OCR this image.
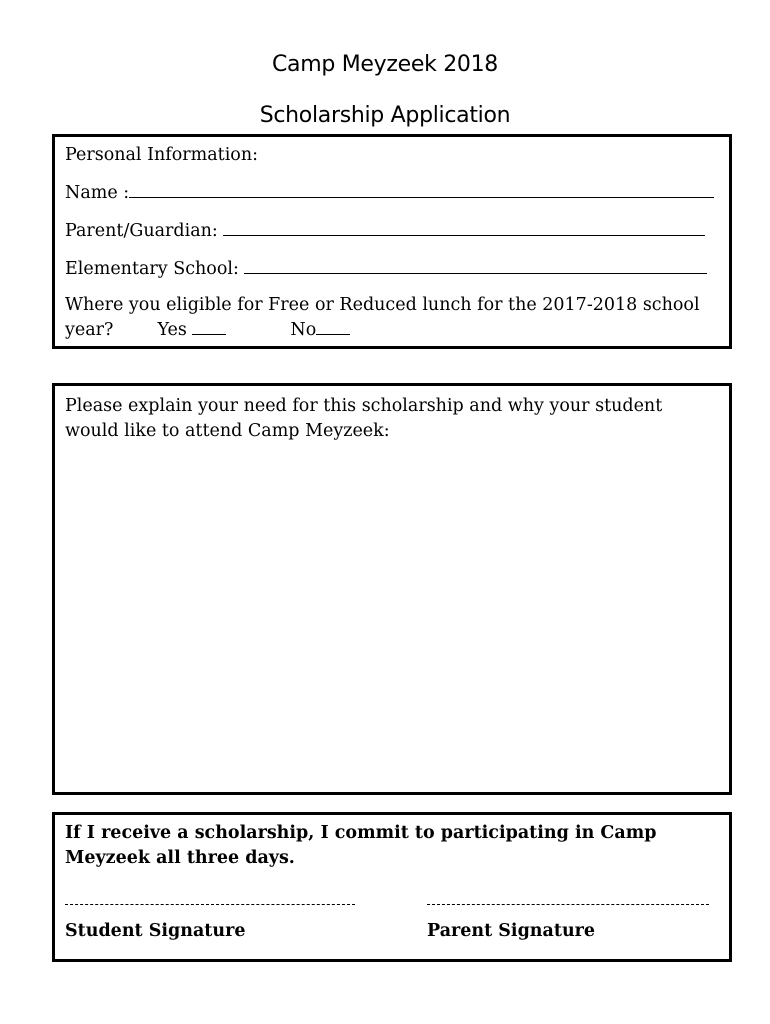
Camp Meyzeek 2018
Scholarship Application

Personal Information:

Name :
Parent/Guardian:
Elementary School:

Where you eligible for Free or Reduced lunch for the 2017-2018 school

year?	Yes	No

Please explain your need for this scholarship and why your student would like to attend Camp Meyzeek:

If I receive a scholarship, I commit to participating in Camp Meyzeek all three days.

Student Signature	Parent Signature
